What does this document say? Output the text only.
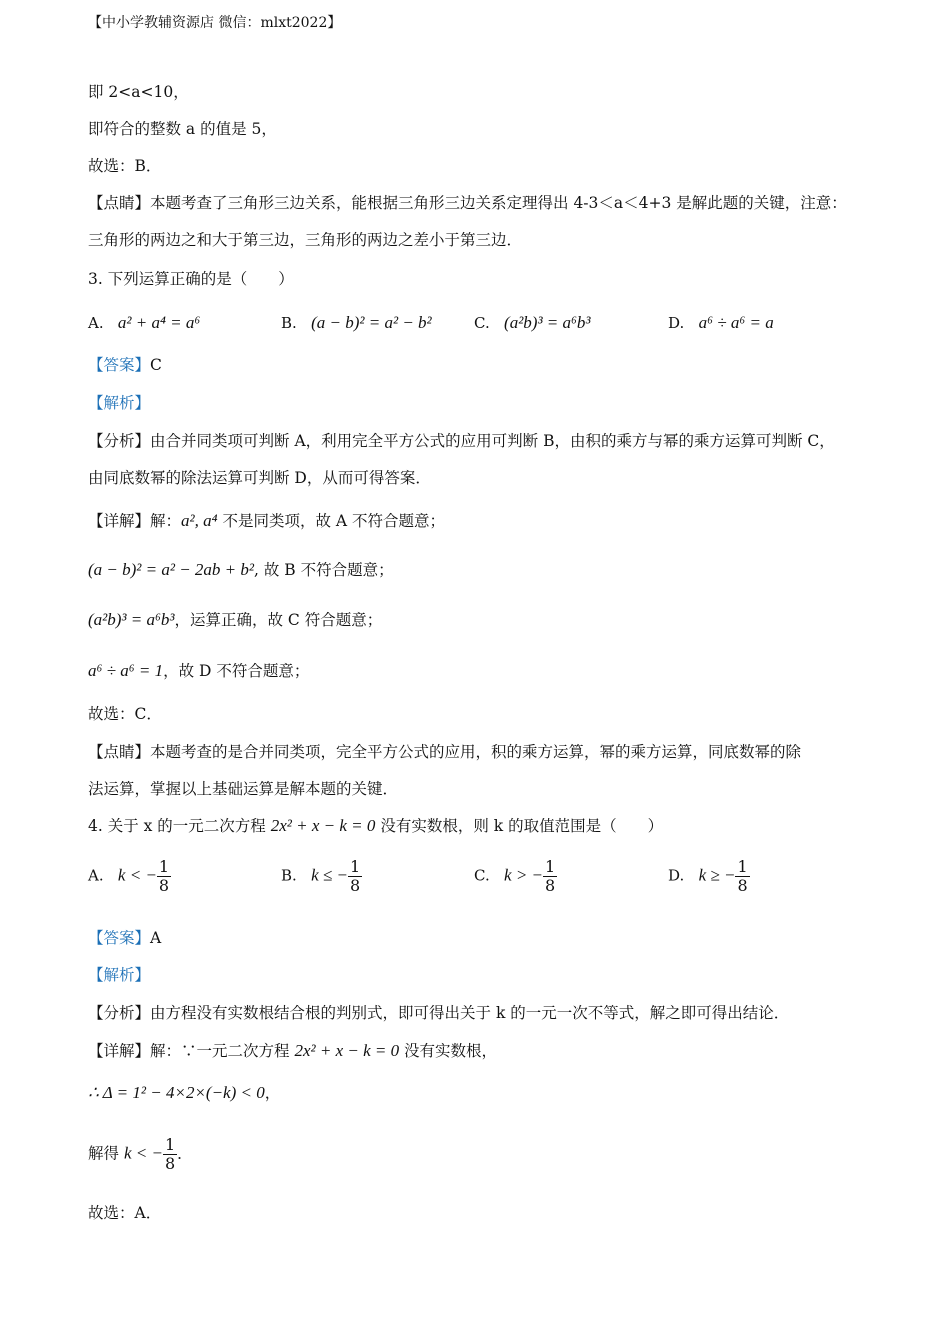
【中小学教辅资源店 微信：mlxt2022】
即 2<a<10，
即符合的整数 a 的值是 5，
故选：B．
【点睛】本题考查了三角形三边关系，能根据三角形三边关系定理得出 4-3＜a＜4+3 是解此题的关键，注意：
三角形的两边之和大于第三边，三角形的两边之差小于第三边．
3. 下列运算正确的是（　　）
A. a² + a⁴ = a⁶	B. (a − b)² = a² − b²	C. (a²b)³ = a⁶b³	D. a⁶ ÷ a⁶ = a
【答案】C
【解析】
【分析】由合并同类项可判断 A，利用完全平方公式的应用可判断 B，由积的乘方与幂的乘方运算可判断 C，
由同底数幂的除法运算可判断 D，从而可得答案．
【详解】解：a², a⁴ 不是同类项，故 A 不符合题意；
(a − b)² = a² − 2ab + b², 故 B 不符合题意；
(a²b)³ = a⁶b³，运算正确，故 C 符合题意；
a⁶ ÷ a⁶ = 1，故 D 不符合题意；
故选：C．
【点睛】本题考查的是合并同类项，完全平方公式的应用，积的乘方运算，幂的乘方运算，同底数幂的除
法运算，掌握以上基础运算是解本题的关键．
4. 关于 x 的一元二次方程 2x² + x − k = 0 没有实数根，则 k 的取值范围是（　　）
A. k < − $\frac{1}{8}$	B. k ≤ − $\frac{1}{8}$	C. k > − $\frac{1}{8}$	D. k ≥ − $\frac{1}{8}$
【答案】A
【解析】
【分析】由方程没有实数根结合根的判别式，即可得出关于 k 的一元一次不等式，解之即可得出结论．
【详解】解：∵一元二次方程 2x² + x − k = 0 没有实数根，
∴ Δ = 1² − 4×2×(−k) < 0，
解得 k < − $\frac{1}{8}$ ．
故选：A．
